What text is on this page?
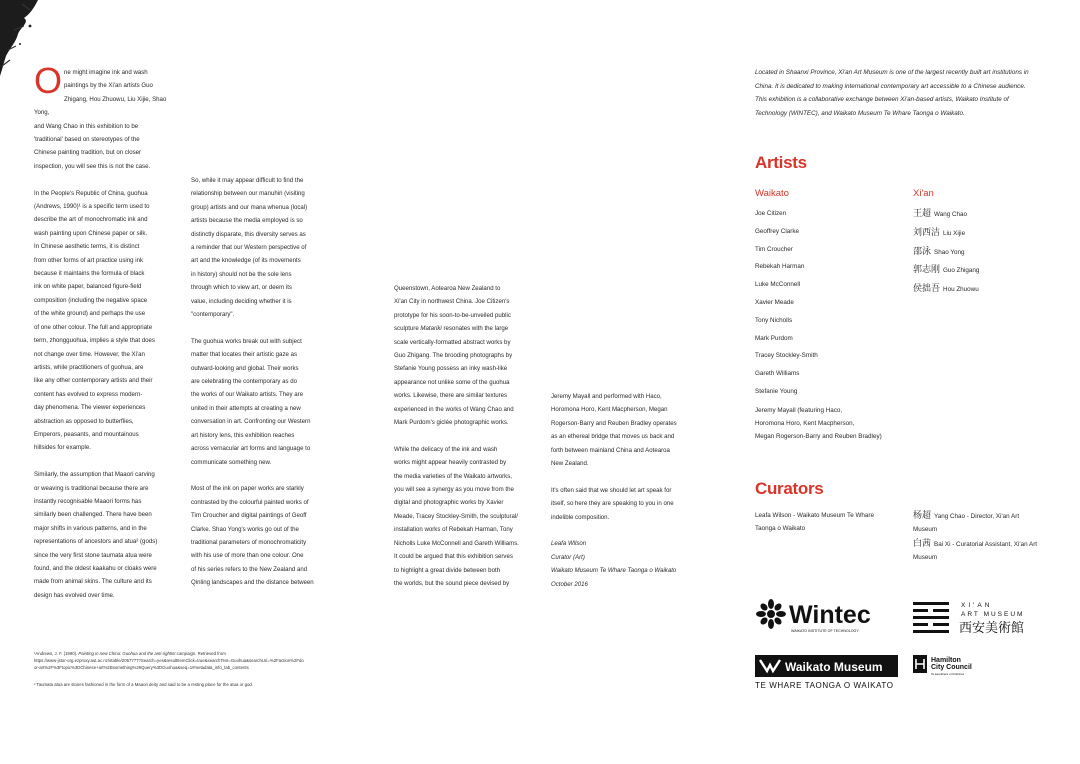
One might imagine ink and wash
paintings by the Xi'an artists Guo
Zhigang, Hou Zhuowu, Liu Xijie, Shao Yong,
and Wang Chao in this exhibition to be
'traditional' based on stereotypes of the
Chinese painting tradition, but on closer
inspection, you will see this is not the case.

In the People's Republic of China, guohua
(Andrews, 1990)¹ is a specific term used to
describe the art of monochromatic ink and
wash painting upon Chinese paper or silk.
In Chinese aesthetic terms, it is distinct
from other forms of art practice using ink
because it maintains the formula of black
ink on white paper, balanced figure-field
composition (including the negative space
of the white ground) and perhaps the use
of one other colour. The full and appropriate
term, zhongguohua, implies a style that does
not change over time. However, the Xi'an
artists, while practitioners of guohua, are
like any other contemporary artists and their
content has evolved to express modern-
day phenomena. The viewer experiences
abstraction as opposed to butterflies,
Emperors, peasants, and mountainous
hillsides for example.

Similarly, the assumption that Maaori carving
or weaving is traditional because there are
instantly recognisable Maaori forms has
similarly been challenged. There have been
major shifts in various patterns, and in the
representations of ancestors and atua² (gods)
since the very first stone taumata atua were
found, and the oldest kaakahu or cloaks were
made from animal skins. The culture and its
design has evolved over time.

So, while it may appear difficult to find the
relationship between our manuhiri (visiting
group) artists and our mana whenua (local)
artists because the media employed is so
distinctly disparate, this diversity serves as
a reminder that our Western perspective of
art and the knowledge (of its movements
in history) should not be the sole lens
through which to view art, or deem its
value, including deciding whether it is
"contemporary".

The guohua works break out with subject
matter that locates their artistic gaze as
outward-looking and global. Their works
are celebrating the contemporary as do
the works of our Waikato artists. They are
united in their attempts at creating a new
conversation in art. Confronting our Western
art history lens, this exhibition reaches
across vernacular art forms and language to
communicate something new.

Most of the ink on paper works are starkly
contrasted by the colourful painted works of
Tim Croucher and digital paintings of Geoff
Clarke. Shao Yong's works go out of the
traditional parameters of monochromaticity
with his use of more than one colour. One
of his series refers to the New Zealand and
Qinling landscapes and the distance between

Queenstown, Aotearoa New Zealand to
Xi'an City in northwest China. Joe Citizen's
prototype for his soon-to-be-unveiled public
sculpture Matariki resonates with the large
scale vertically-formatted abstract works by
Guo Zhigang. The brooding photographs by
Stefanie Young possess an inky wash-like
appearance not unlike some of the guohua
works. Likewise, there are similar textures
experienced in the works of Wang Chao and
Mark Purdom's giclée photographic works.

While the delicacy of the ink and wash
works might appear heavily contrasted by
the media varieties of the Waikato artworks,
you will see a synergy as you move from the
digital and photographic works by Xavier
Meade, Tracey Stockley-Smith, the sculptural/
installation works of Rebekah Harman, Tony
Nicholls Luke McConnell and Gareth Williams.
It could be argued that this exhibition serves
to highlight a great divide between both
the worlds, but the sound piece devised by

Jeremy Mayall and performed with Haco,
Horomona Horo, Kent Macpherson, Megan
Rogerson-Barry and Reuben Bradley operates
as an ethereal bridge that moves us back and
forth between mainland China and Aotearoa
New Zealand.

It's often said that we should let art speak for
itself, so here they are speaking to you in one
indelible composition.

Leafa Wilson
Curator (Art)
Waikato Museum Te Whare Taonga o Waikato
October 2016

Located in Shaanxi Province, Xi'an Art Museum is one of the largest recently built art institutions in
China. It is dedicated to making international contemporary art accessible to a Chinese audience.
This exhibition is a collaborative exchange between Xi'an-based artists, Waikato Institute of
Technology (WINTEC), and Waikato Museum Te Whare Taonga o Waikato.
Artists
Waikato	Xi'an
Joe Citizen
Geoffrey Clarke
Tim Croucher
Rebekah Harman
Luke McConnell
Xavier Meade
Tony Nicholls
Mark Purdom
Tracey Stockley-Smith
Gareth Williams
Stefanie Young
Jeremy Mayall (featuring Haco,
Horomona Horo, Kent Macpherson,
Megan Rogerson-Barry and Reuben Bradley)
王超 Wang Chao
刘西洁 Liu Xijie
邵泳 Shao Yong
郭志刚 Guo Zhigang
侯拙吾 Hou Zhuowu
Curators
Leafa Wilson - Waikato Museum Te Whare
Taonga o Waikato
杨超 Yang Chao - Director, Xi'an Art
Museum
白茜 Bai Xi - Curatorial Assistant, Xi'an Art
Museum
¹Andrews, J. F. (1990). Painting in new China: Guohua and the anti-rightist campaign. Retrieved from
https://www-jstor-org.ezproxy.aut.ac.nz/stable/2057777?Search=yes&resultItemClick=true&searchText=Guohua&searchUri=%2Faction%2Fdo
or-art%2F%3Ftopic%3DChinese+art%2Bsomething%26Query%3DGuohua&seq=1#metadata_info_tab_contents
² Taumata atua are stones fashioned in the form of a Maaori deity and said to be a resting place for the atua or god.
Wintec
WAIKATO INSTITUTE OF TECHNOLOGY
XI'AN
ART MUSEUM
西安美術館
Waikato Museum
TE WHARE TAONGA O WAIKATO
Hamilton
City Council
Te kaunihera o Kirikiriroa
